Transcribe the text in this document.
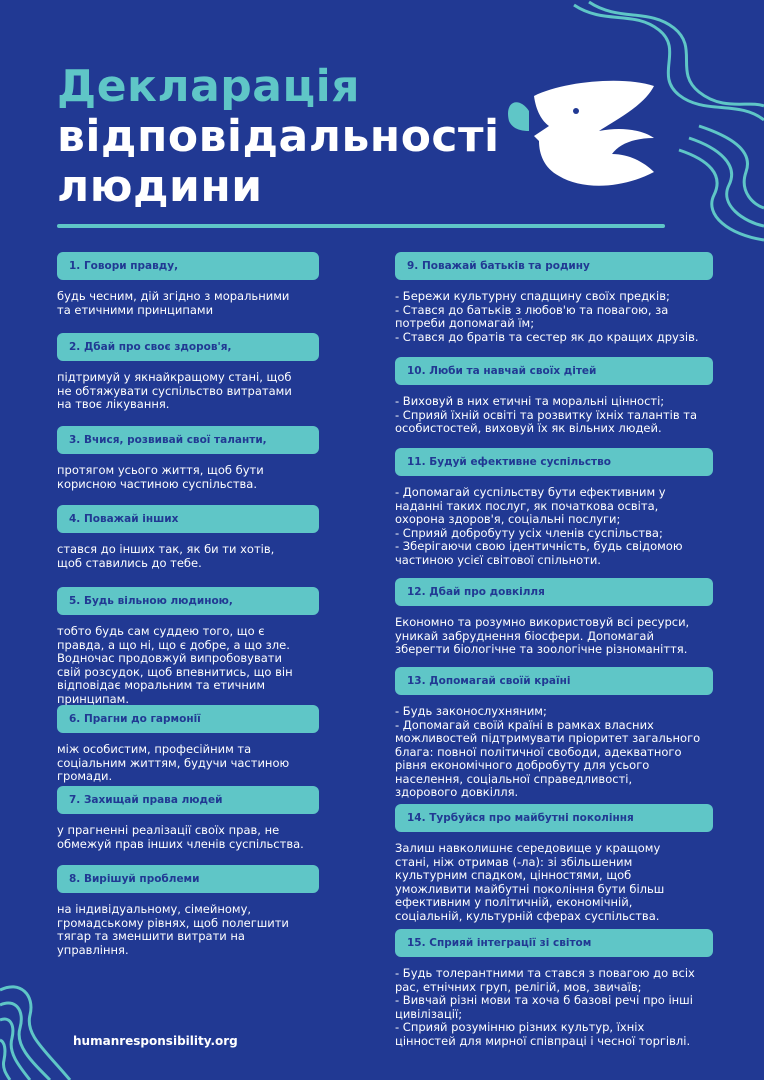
Декларація
відповідальності
людини
1. Говори правду,
будь чесним, дій згідно з моральними
та етичними принципами
2. Дбай про своє здоров'я,
підтримуй у якнайкращому стані, щоб
не обтяжувати суспільство витратами
на твоє лікування.
3. Вчися, розвивай свої таланти,
протягом усього життя, щоб бути
корисною частиною суспільства.
4. Поважай інших
стався до інших так, як би ти хотів,
щоб ставились до тебе.
5. Будь вільною людиною,
тобто будь сам суддею того, що є
правда, а що ні, що є добре, а що зле.
Водночас продовжуй випробовувати
свій розсудок, щоб впевнитись, що він
відповідає моральним та етичним
принципам.
6. Прагни до гармонії
між особистим, професійним та
соціальним життям, будучи частиною
громади.
7. Захищай права людей
у прагненні реалізації своїх прав, не
обмежуй прав інших членів суспільства.
8. Вирішуй проблеми
на індивідуальному, сімейному,
громадському рівнях, щоб полегшити
тягар та зменшити витрати на
управління.
9. Поважай батьків та родину
- Бережи культурну спадщину своїх предків;
- Стався до батьків з любов'ю та повагою, за
потреби допомагай їм;
- Стався до братів та сестер як до кращих друзів.
10. Люби та навчай своїх дітей
- Виховуй в них етичні та моральні цінності;
- Сприяй їхній освіті та розвитку їхніх талантів та
особистостей, виховуй їх як вільних людей.
11. Будуй ефективне суспільство
- Допомагай суспільству бути ефективним у
наданні таких послуг, як початкова освіта,
охорона здоров'я, соціальні послуги;
- Сприяй добробуту усіх членів суспільства;
- Зберігаючи свою ідентичність, будь свідомою
частиною усієї світової спільноти.
12. Дбай про довкілля
Економно та розумно використовуй всі ресурси,
уникай забруднення біосфери. Допомагай
зберегти біологічне та зоологічне різноманіття.
13. Допомагай своїй країні
- Будь законослухняним;
- Допомагай своїй країні в рамках власних
можливостей підтримувати пріоритет загального
блага: повної політичної свободи, адекватного
рівня економічного добробуту для усього
населення, соціальної справедливості,
здорового довкілля.
14. Турбуйся про майбутні покоління
Залиш навколишнє середовище у кращому
стані, ніж отримав (-ла): зі збільшеним
культурним спадком, цінностями, щоб
уможливити майбутні покоління бути більш
ефективним у політичній, економічній,
соціальній, культурній сферах суспільства.
15. Сприяй інтеграції зі світом
- Будь толерантними та стався з повагою до всіх
рас, етнічних груп, релігій, мов, звичаїв;
- Вивчай різні мови та хоча б базові речі про інші
цивілізації;
- Сприяй розумінню різних культур, їхніх
цінностей для мирної співпраці і чесної торгівлі.
humanresponsibility.org
